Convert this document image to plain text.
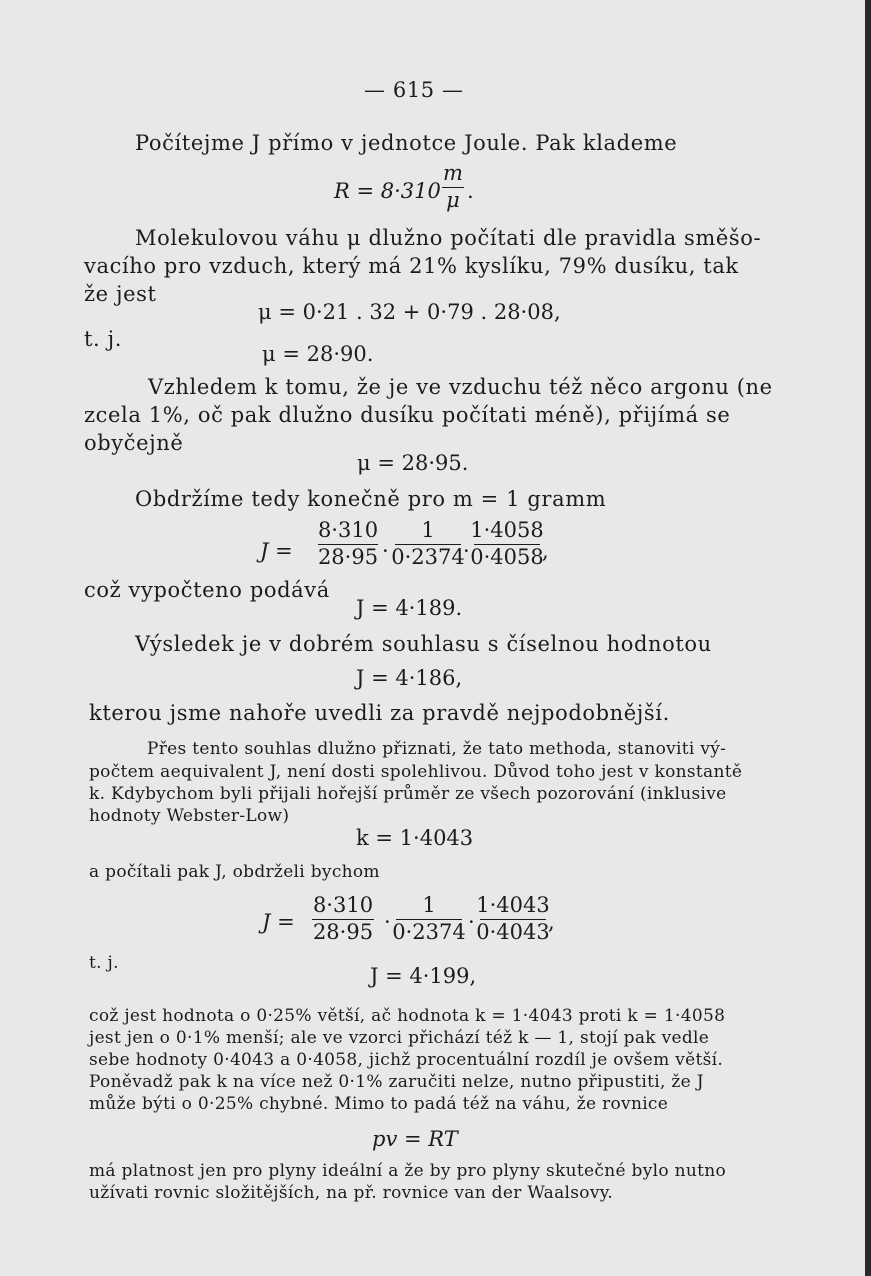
— 615 —
Počítejme J přímo v jednotce Joule. Pak klademe
R = 8·310
m
μ .
Molekulovou váhu μ dlužno počítati dle pravidla směšo-
vacího pro vzduch, který má 21% kyslíku, 79% dusíku, tak
že jest
μ = 0·21 . 32 + 0·79 . 28·08,
t. j.
μ = 28·90.
Vzhledem k tomu, že je ve vzduchu též něco argonu (ne
zcela 1%, oč pak dlužno dusíku počítati méně), přijímá se
obyčejně
μ = 28·95.
Obdržíme tedy konečně pro m = 1 gramm
J =
8·310
28·95 ·
1
0·2374
·
1·4058
0·4058
,
což vypočteno podává
J = 4·189.
Výsledek je v dobrém souhlasu s číselnou hodnotou
J = 4·186,
kterou jsme nahoře uvedli za pravdě nejpodobnější.
Přes tento souhlas dlužno přiznati, že tato methoda, stanoviti vý-
počtem aequivalent J, není dosti spolehlivou. Důvod toho jest v konstantě
k. Kdybychom byli přijali hořejší průměr ze všech pozorování (inklusive
hodnoty Webster-Low)
k = 1·4043
a počítali pak J, obdrželi bychom
J =
8·310
28·95 ·
1
0·2374 ·
1·4043
0·4043
,
t. j.
J = 4·199,
což jest hodnota o 0·25% větší, ač hodnota k = 1·4043 proti k = 1·4058
jest jen o 0·1% menší; ale ve vzorci přichází též k — 1, stojí pak vedle
sebe hodnoty 0·4043 a 0·4058, jichž procentuální rozdíl je ovšem větší.
Poněvadž pak k na více než 0·1% zaručiti nelze, nutno připustiti, že J
může býti o 0·25% chybné. Mimo to padá též na váhu, že rovnice
pv = RT
má platnost jen pro plyny ideální a že by pro plyny skutečné bylo nutno
užívati rovnic složitějších, na př. rovnice van der Waalsovy.
